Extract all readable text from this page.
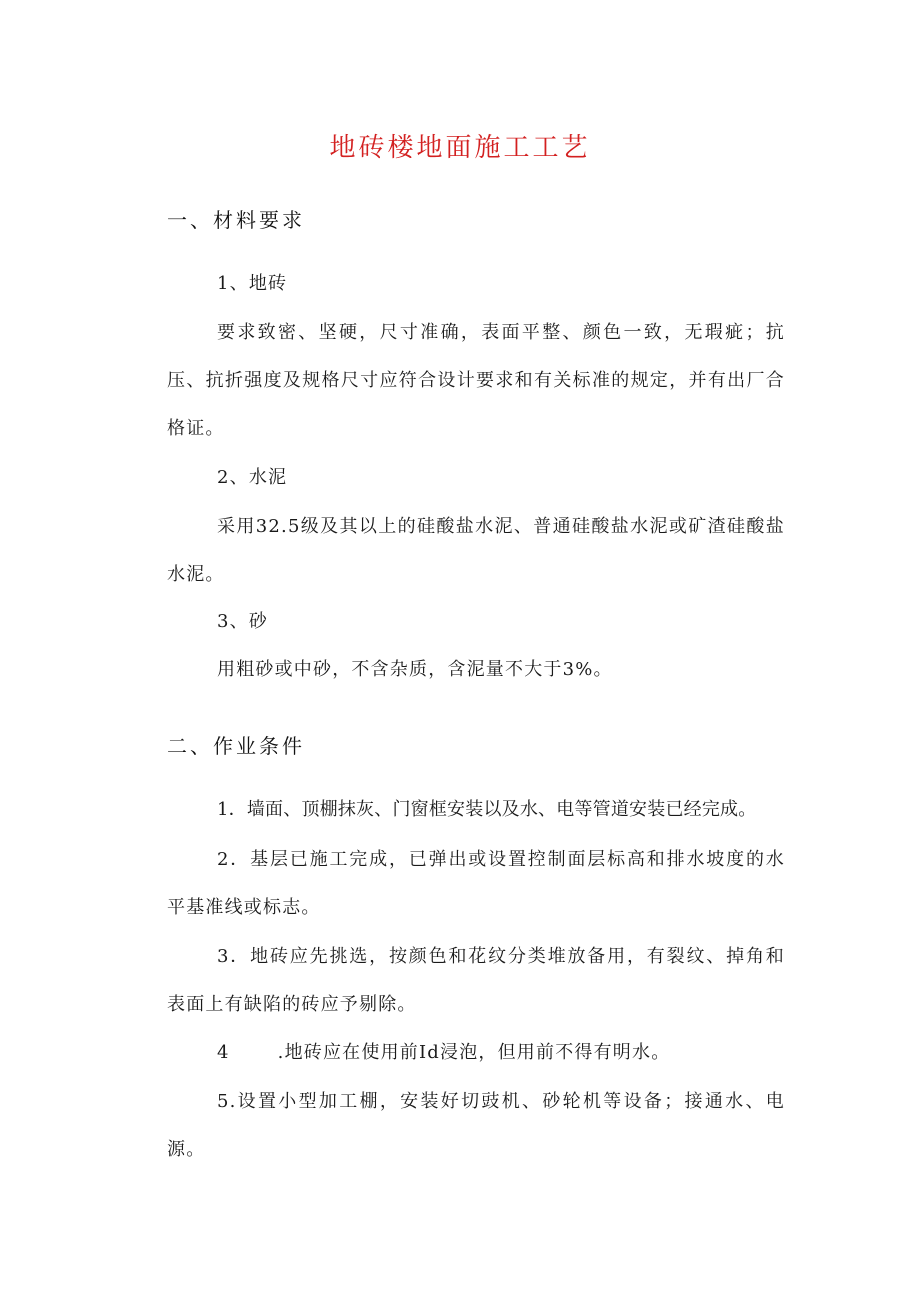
地砖楼地面施工工艺
一、材料要求

1、地砖

要求致密、坚硬，尺寸准确，表面平整、颜色一致，无瑕疵；抗压、抗折强度及规格尺寸应符合设计要求和有关标准的规定，并有出厂合格证。

2、水泥

采用32.5级及其以上的硅酸盐水泥、普通硅酸盐水泥或矿渣硅酸盐水泥。

3、砂

用粗砂或中砂，不含杂质，含泥量不大于3%。

二、作业条件

1．墙面、顶棚抹灰、门窗框安装以及水、电等管道安装已经完成。

2．基层已施工完成，已弹出或设置控制面层标高和排水坡度的水平基准线或标志。

3．地砖应先挑选，按颜色和花纹分类堆放备用，有裂纹、掉角和表面上有缺陷的砖应予剔除。

4	.地砖应在使用前Id浸泡，但用前不得有明水。

5.设置小型加工棚，安装好切豉机、砂轮机等设备；接通水、电源。
